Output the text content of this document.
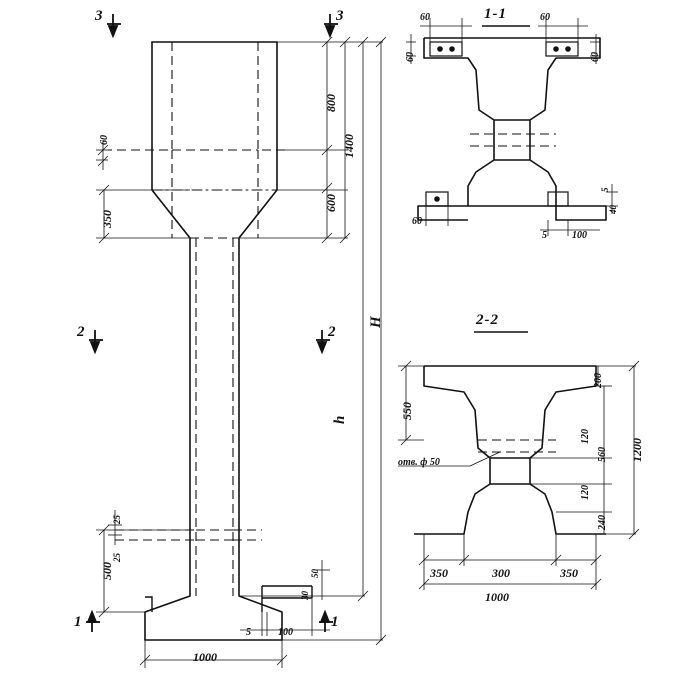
3	3
2	2
1	1
1-1
2-2
800
1400
600
H
h
350
60
500
25
25
50
30
5	100
1000
60	60
60	60
60
5	100
40
5
550
200
120
560
120
240
1200
350	300	350
1000
отв. ф 50
